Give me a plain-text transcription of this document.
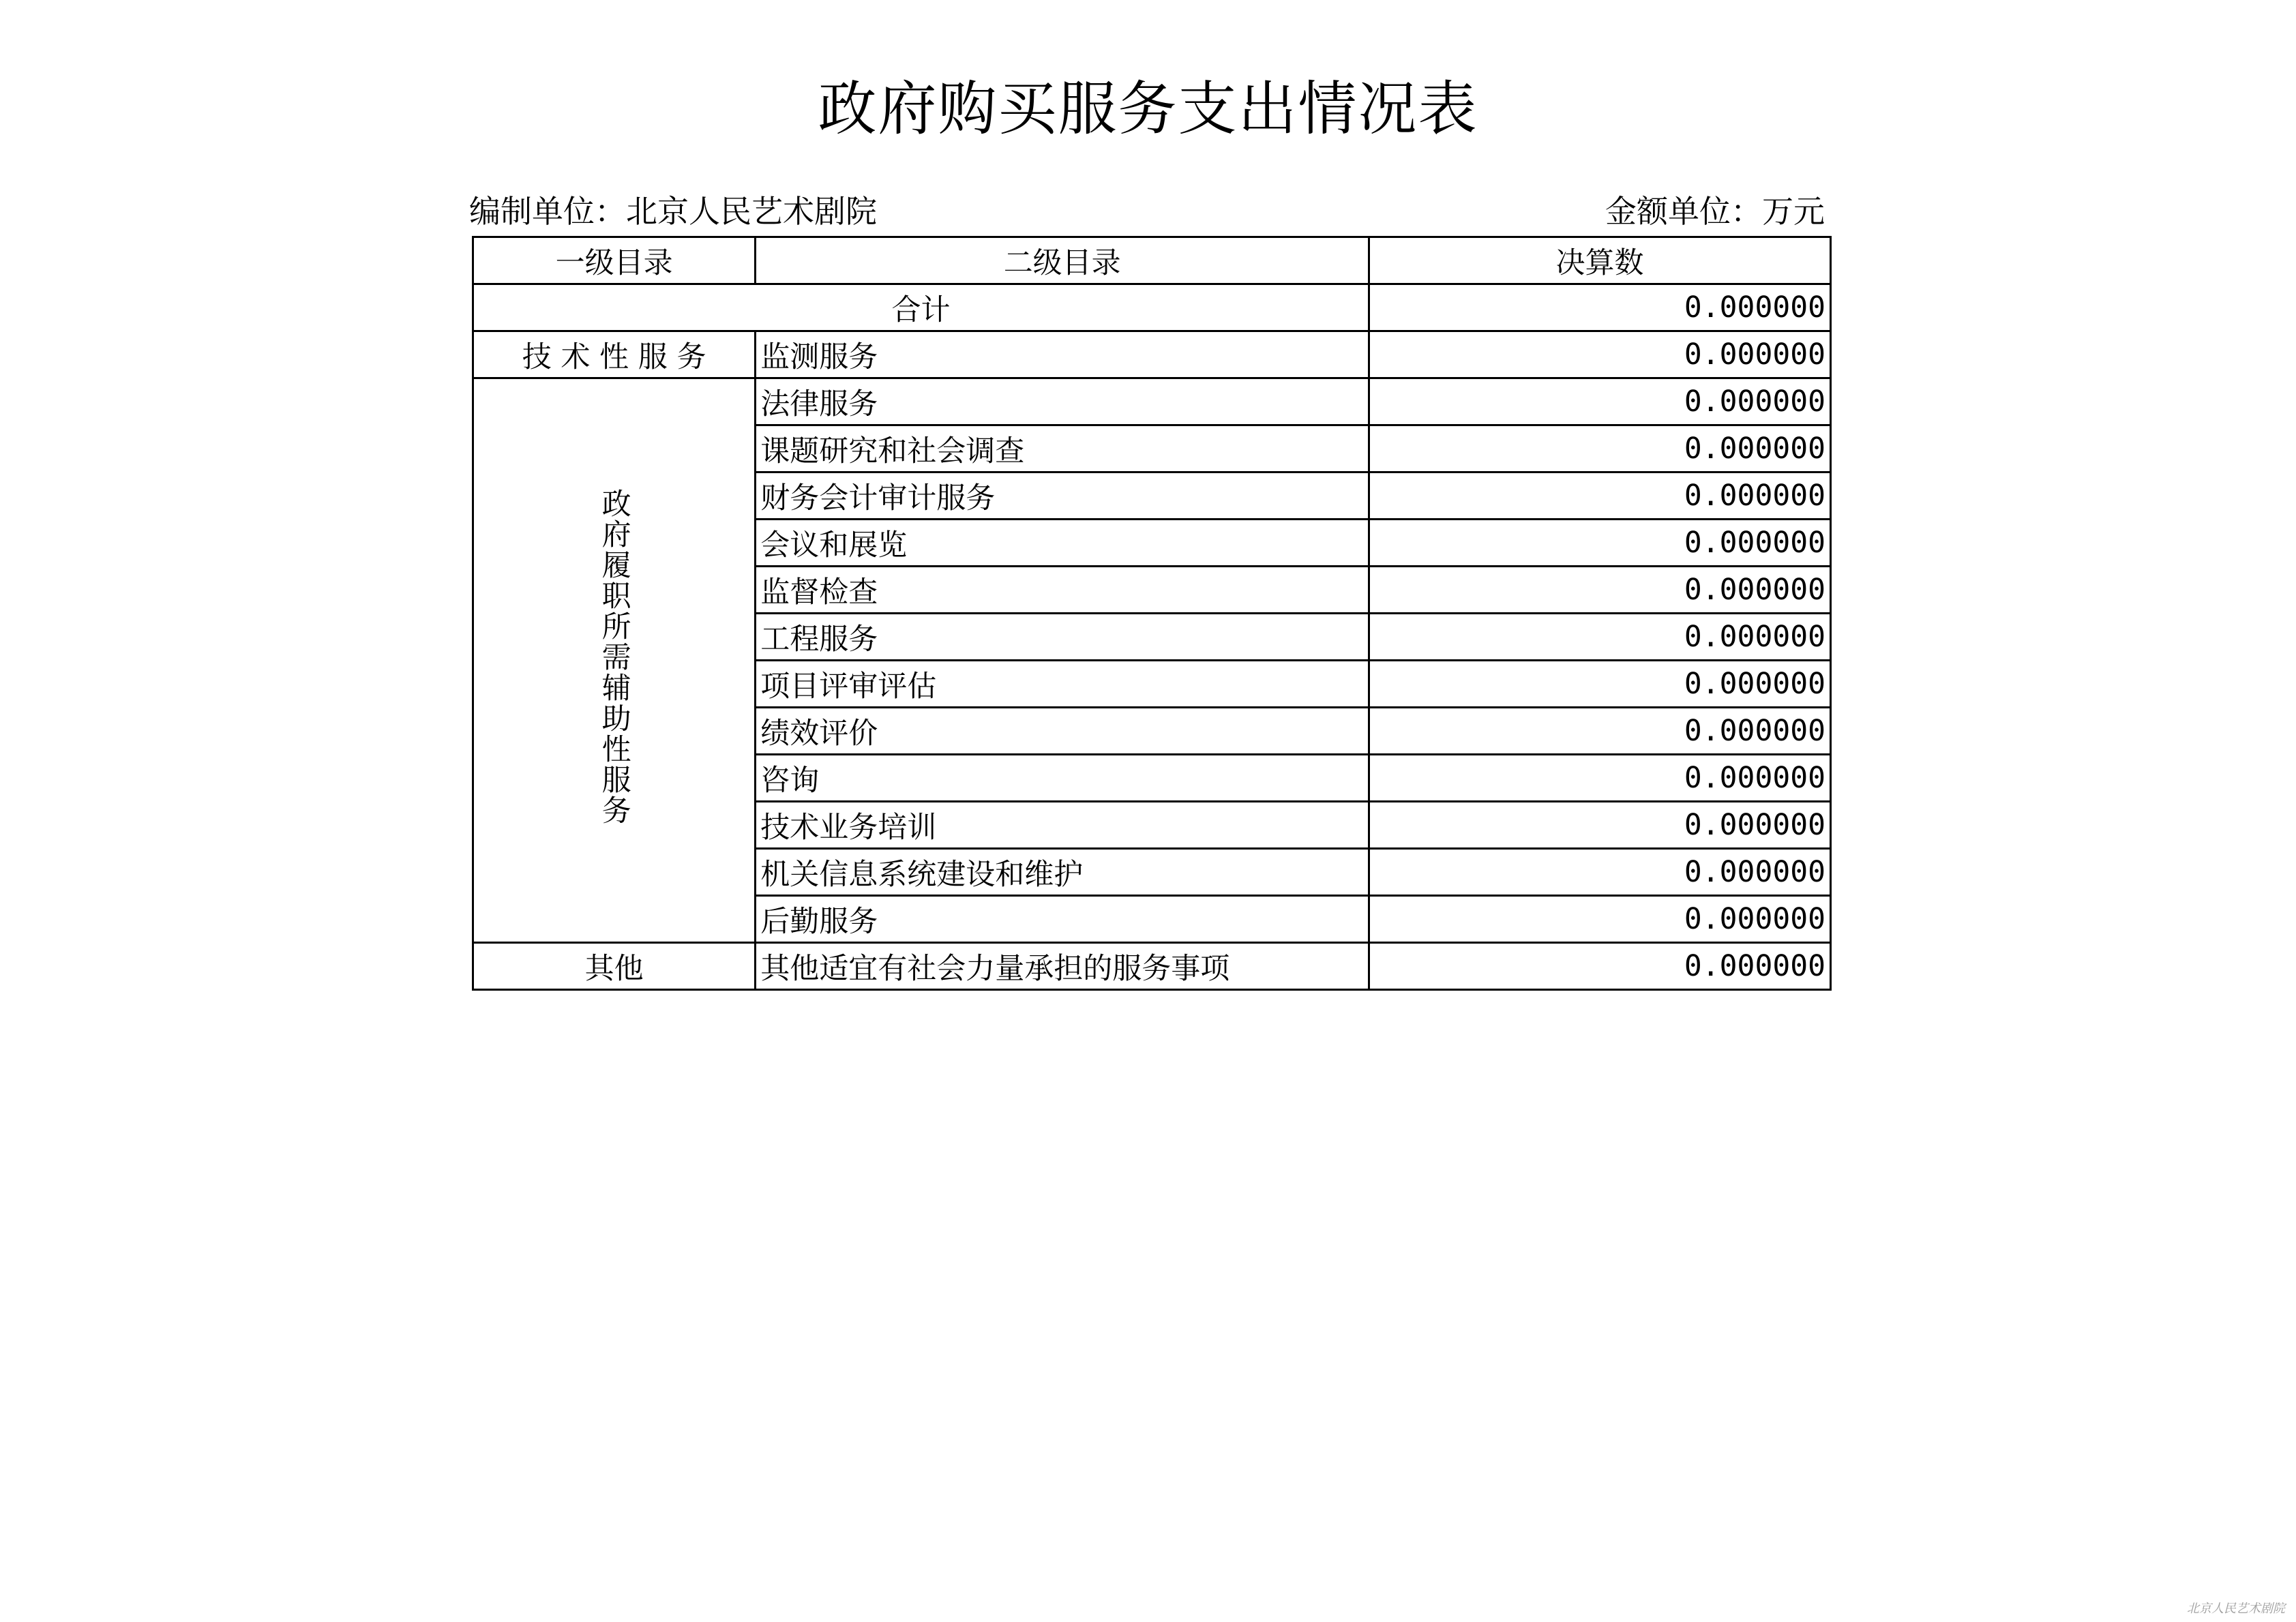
政府购买服务支出情况表
编制单位：北京人民艺术剧院	金额单位：万元
一级目录	二级目录	决算数
合计		0.000000
技 术 性 服 务	监测服务	0.000000
政府履职所需辅助性服务	法律服务	0.000000
	课题研究和社会调查	0.000000
	财务会计审计服务	0.000000
	会议和展览	0.000000
	监督检查	0.000000
	工程服务	0.000000
	项目评审评估	0.000000
	绩效评价	0.000000
	咨询	0.000000
	技术业务培训	0.000000
	机关信息系统建设和维护	0.000000
	后勤服务	0.000000
其他	其他适宜有社会力量承担的服务事项	0.000000
北京人民艺术剧院
